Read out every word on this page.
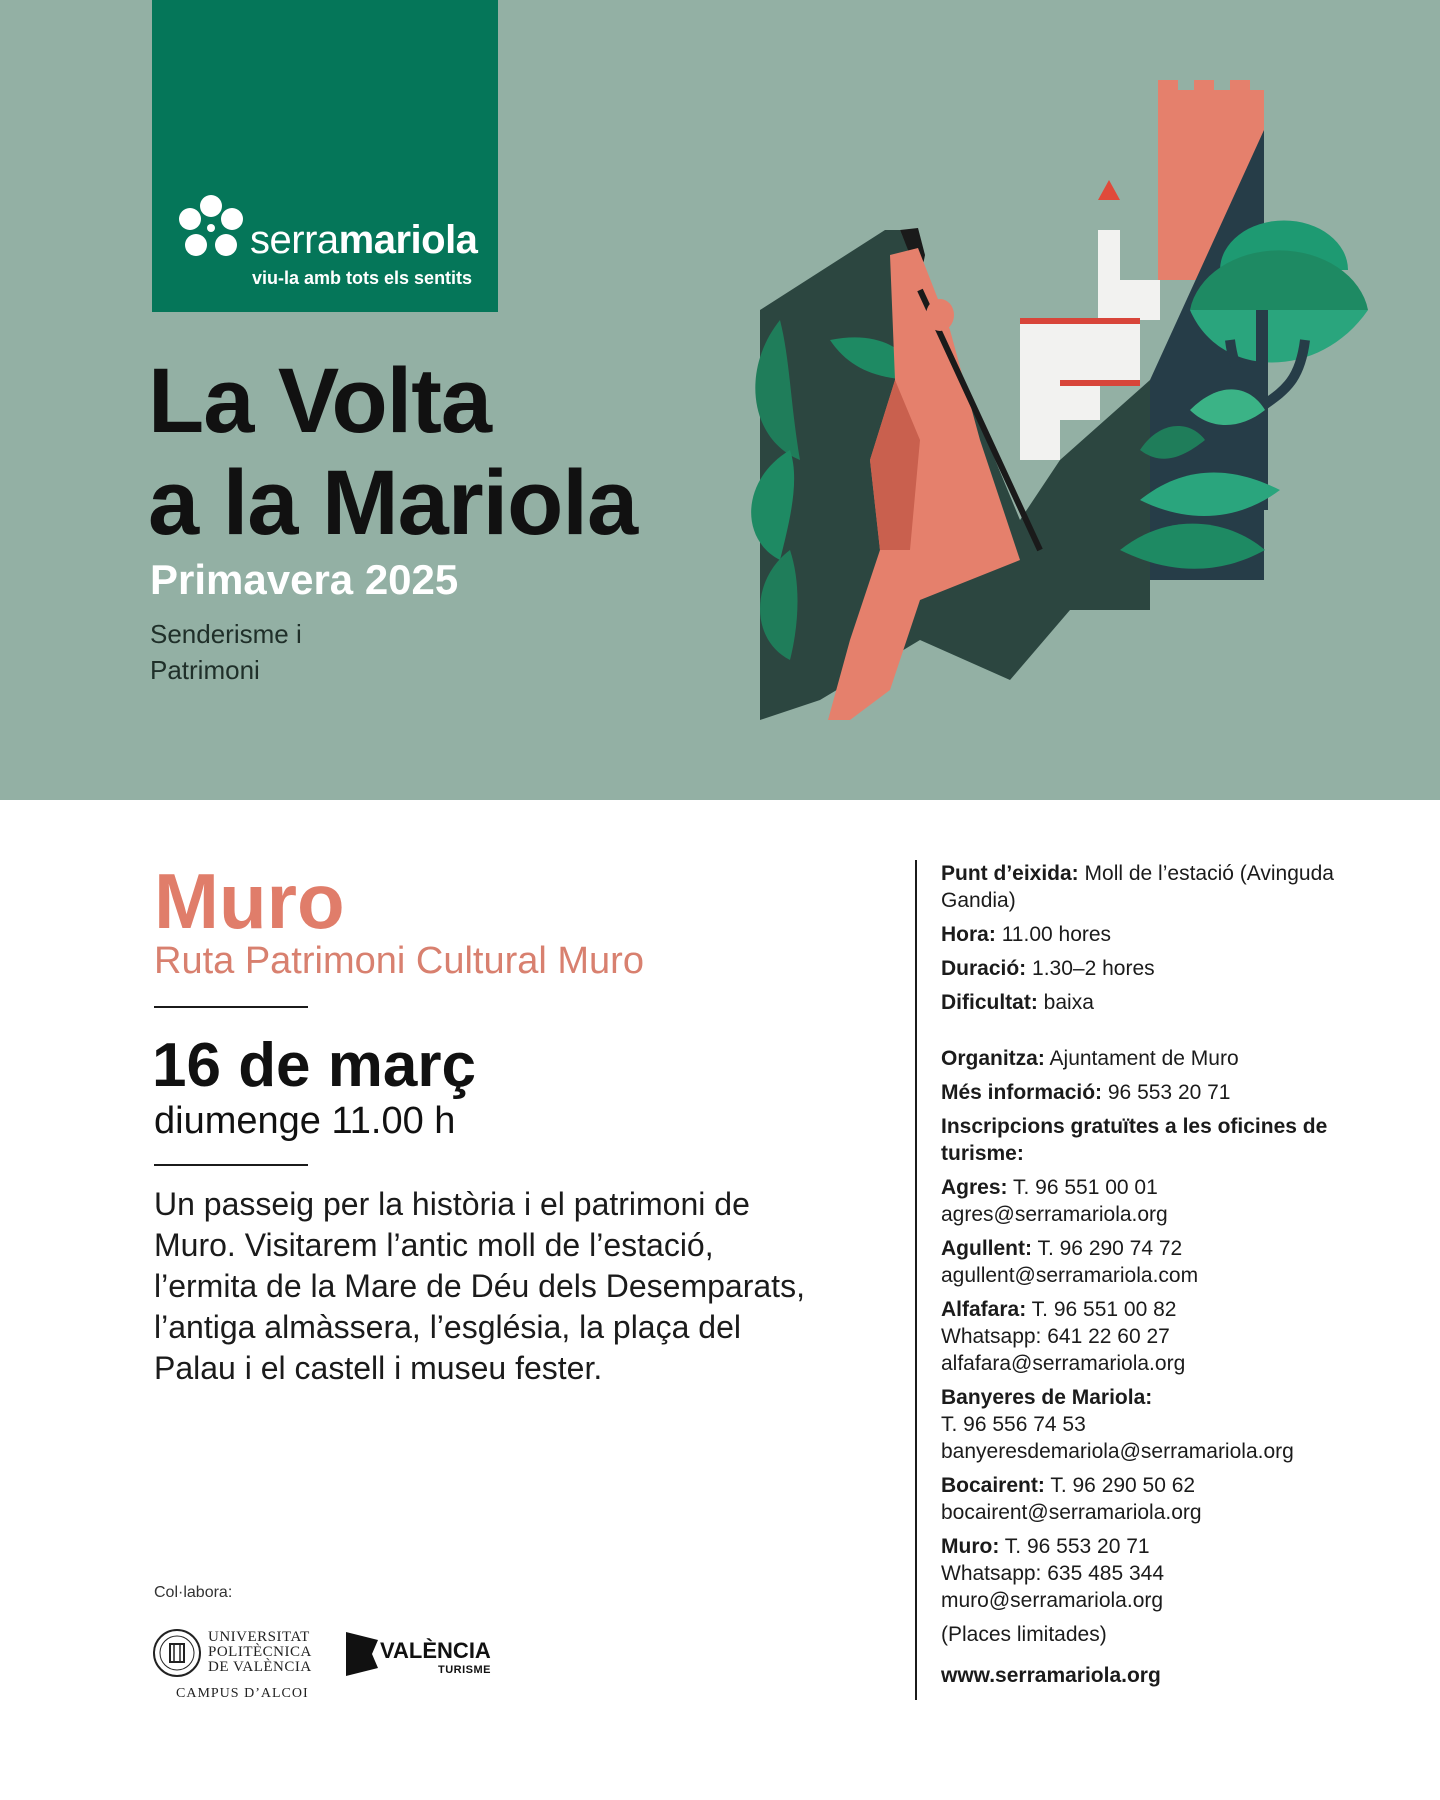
serramariola
viu-la amb tots els sentits
La Volta
a la Mariola
Primavera 2025
Senderisme i Patrimoni
Muro
Ruta Patrimoni Cultural Muro
16 de març
diumenge 11.00 h
Un passeig per la història i el patrimoni de Muro. Visitarem l’antic moll de l’estació, l’ermita de la Mare de Déu dels Desemparats, l’antiga almàssera, l’església, la plaça del Palau i el castell i museu fester.
Col·labora:
UNIVERSITAT
POLITÈCNICA
DE VALÈNCIA
CAMPUS D’ALCOI
VALÈNCIA
TURISME
Punt d’eixida: Moll de l’estació (Avinguda Gandia)
Hora: 11.00 hores
Duració: 1.30–2 hores
Dificultat: baixa
Organitza: Ajuntament de Muro
Més informació: 96 553 20 71
Inscripcions gratuïtes a les oficines de turisme:
Agres: T. 96 551 00 01
agres@serramariola.org
Agullent: T. 96 290 74 72
agullent@serramariola.com
Alfafara: T. 96 551 00 82
Whatsapp: 641 22 60 27
alfafara@serramariola.org
Banyeres de Mariola:
T. 96 556 74 53
banyeresdemariola@serramariola.org
Bocairent: T. 96 290 50 62
bocairent@serramariola.org
Muro: T. 96 553 20 71
Whatsapp: 635 485 344
muro@serramariola.org
(Places limitades)
www.serramariola.org
